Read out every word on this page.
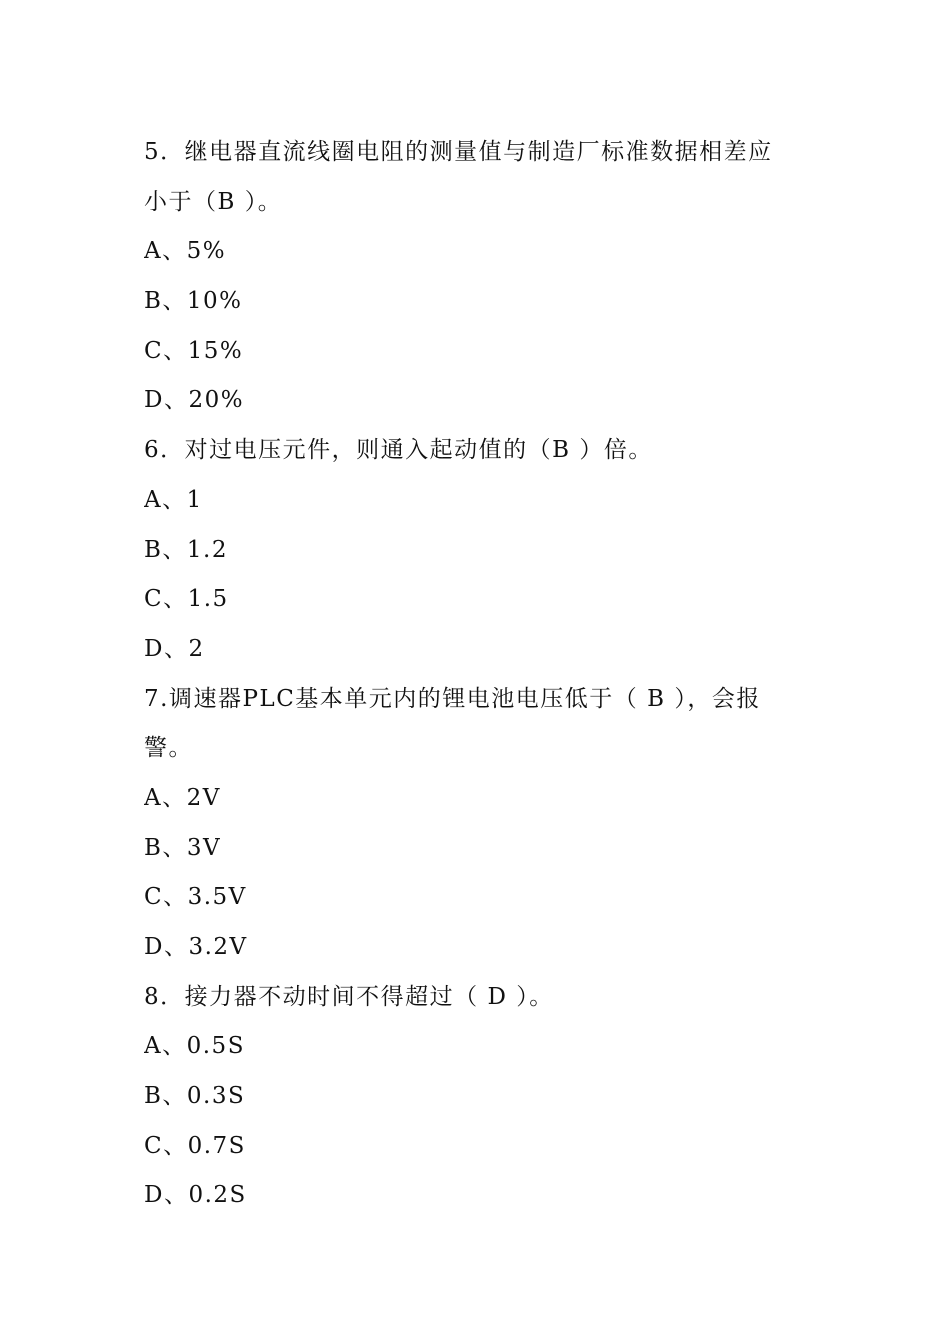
5．继电器直流线圈电阻的测量值与制造厂标准数据相差应
小于（B ）。
A、5%
B、10%
C、15%
D、20%
6．对过电压元件，则通入起动值的（B ）倍。
A、1
B、1.2
C、1.5
D、2
7.调速器PLC基本单元内的锂电池电压低于（ B ），会报
警。
A、2V
B、3V
C、3.5V
D、3.2V
8．接力器不动时间不得超过（ D ）。
A、0.5S
B、0.3S
C、0.7S
D、0.2S
